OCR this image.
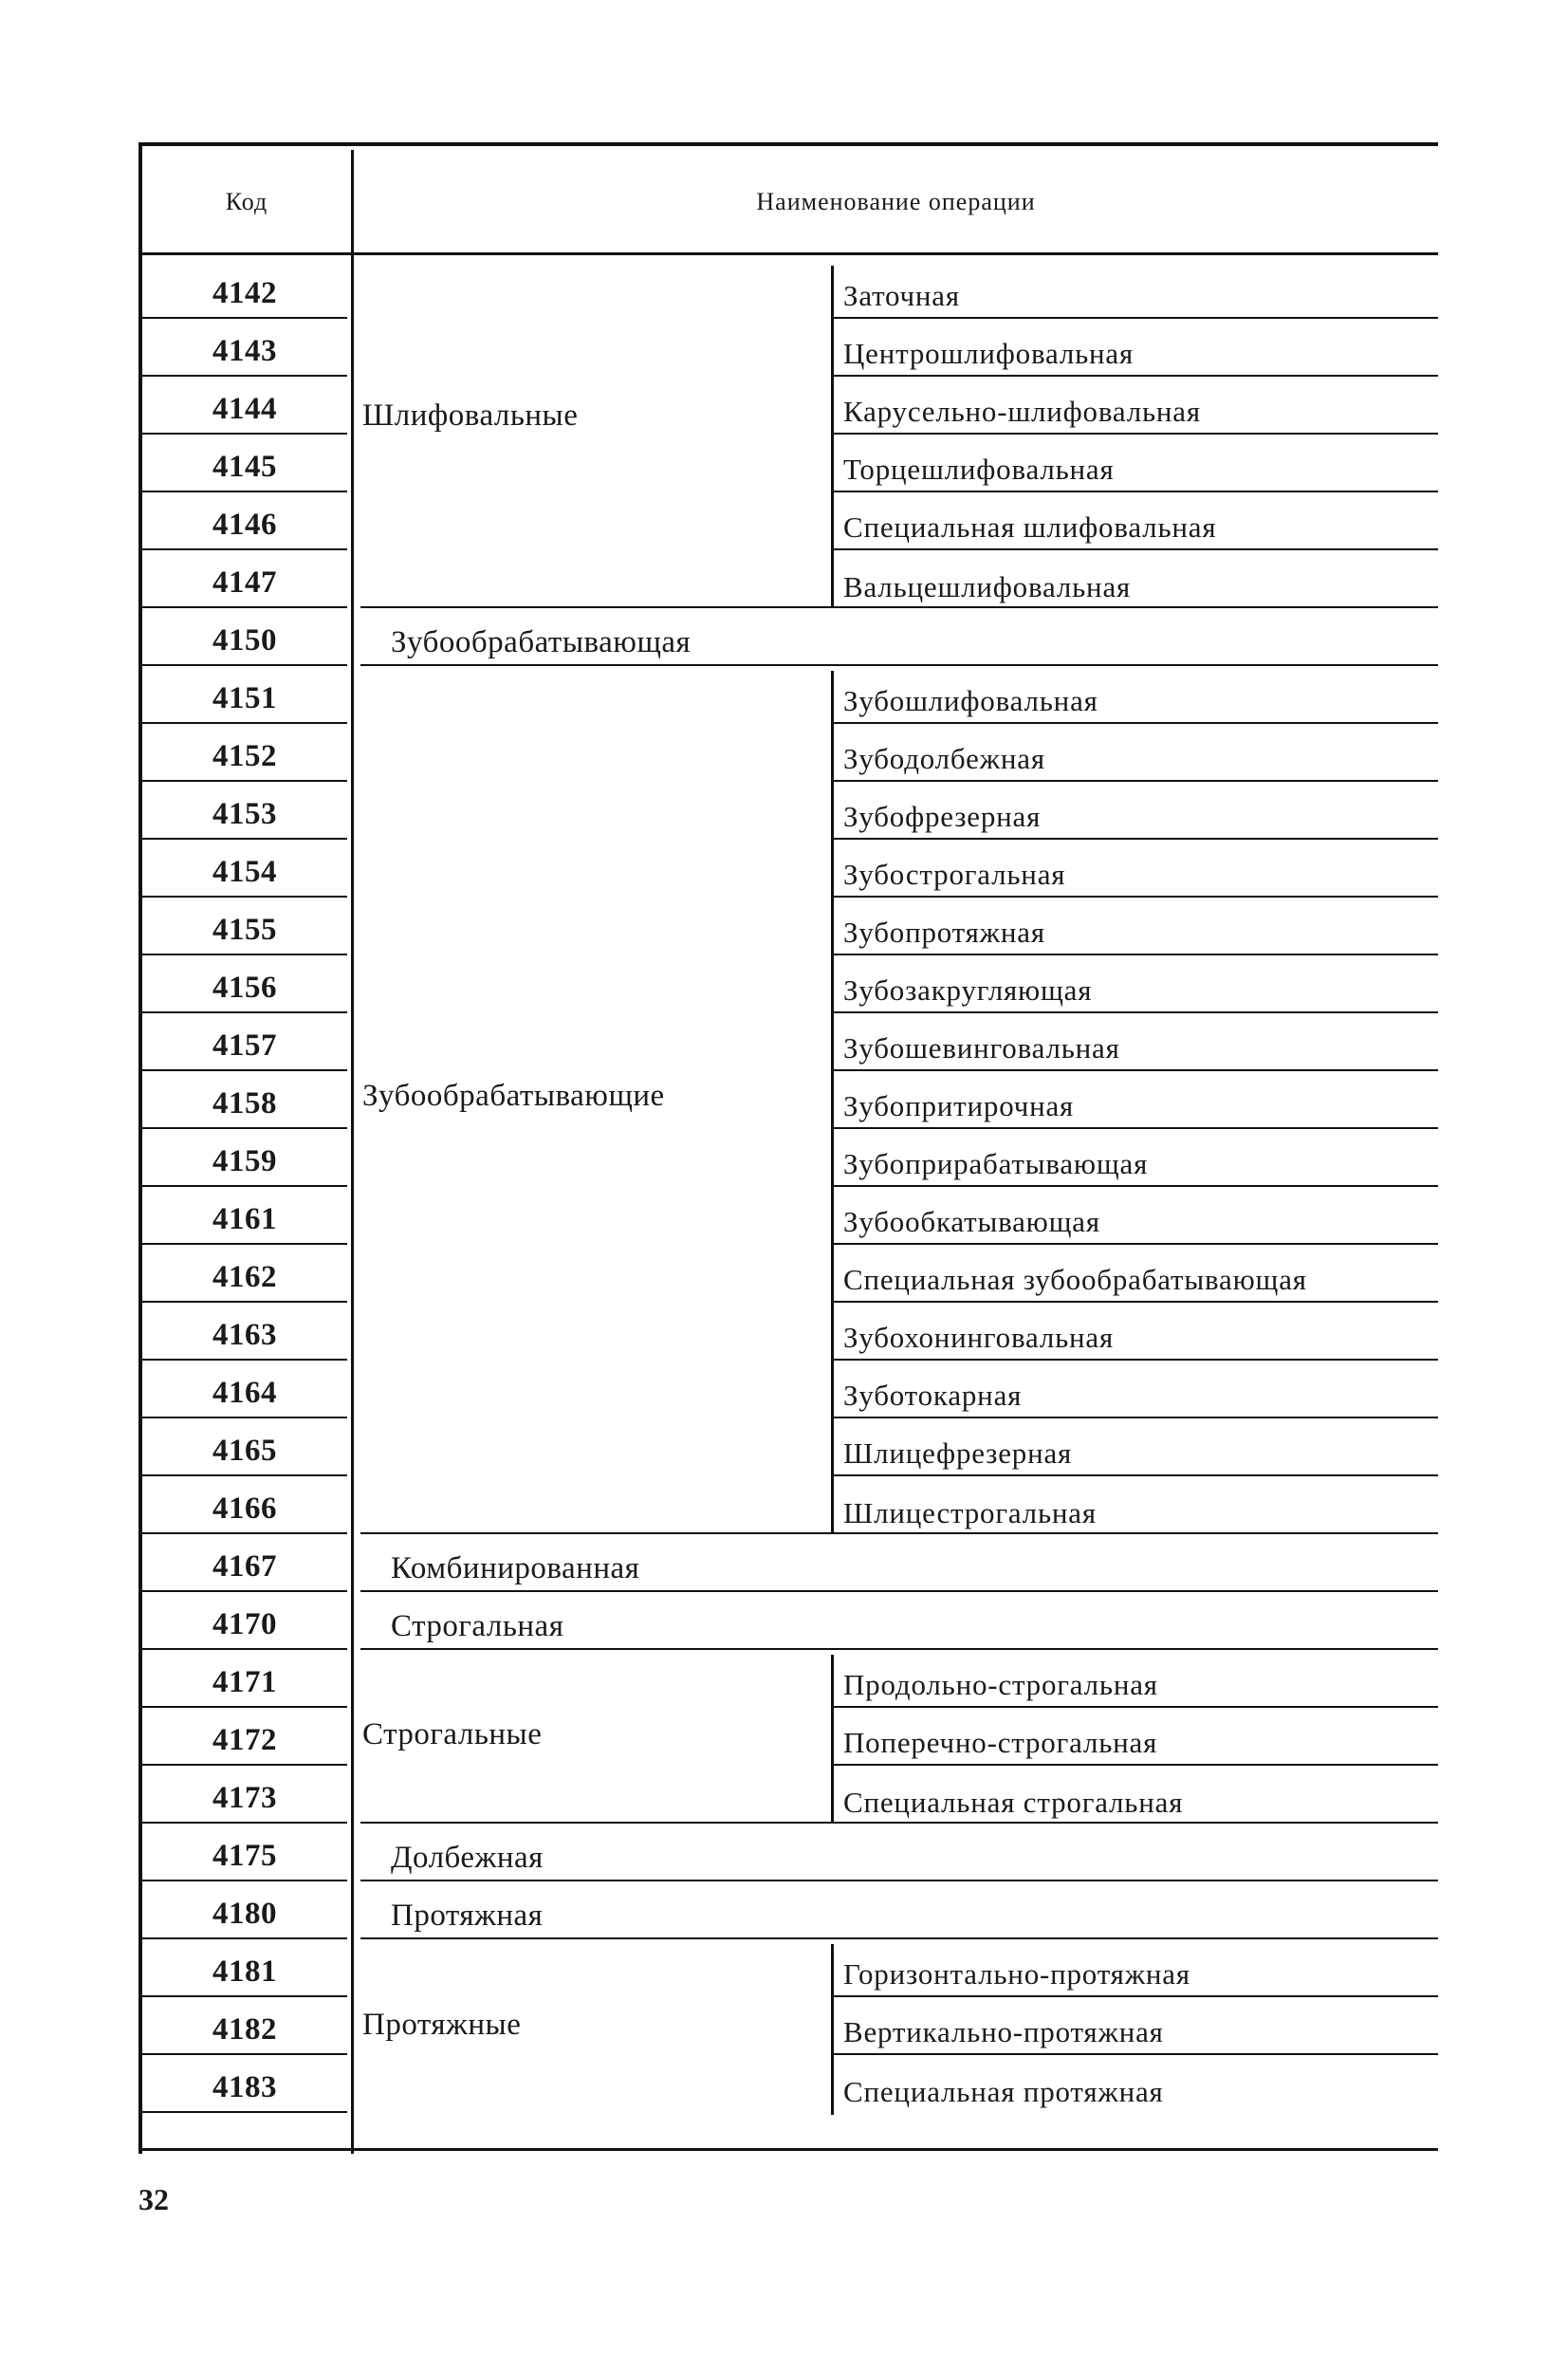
Код	Наименование операции
4142
4143
4144
4145
4146
4147
4150
4151
4152
4153
4154
4155
4156
4157
4158
4159
4161
4162
4163
4164
4165
4166
4167
4170
4171
4172
4173
4175
4180
4181
4182
4183
Шлифовальные
Заточная
Центрошлифовальная
Карусельно-шлифовальная
Торцешлифовальная
Специальная шлифовальная
Вальцешлифовальная
Зубообрабатывающая
Зубообрабатывающие
Зубошлифовальная
Зубодолбежная
Зубофрезерная
Зубострогальная
Зубопротяжная
Зубозакругляющая
Зубошевинговальная
Зубопритирочная
Зубоприрабатывающая
Зубообкатывающая
Специальная зубообрабатывающая
Зубохонинговальная
Зуботокарная
Шлицефрезерная
Шлицестрогальная
Комбинированная
Строгальная
Строгальные
Продольно-строгальная
Поперечно-строгальная
Специальная строгальная
Долбежная
Протяжная
Протяжные
Горизонтально-протяжная
Вертикально-протяжная
Специальная протяжная
32
